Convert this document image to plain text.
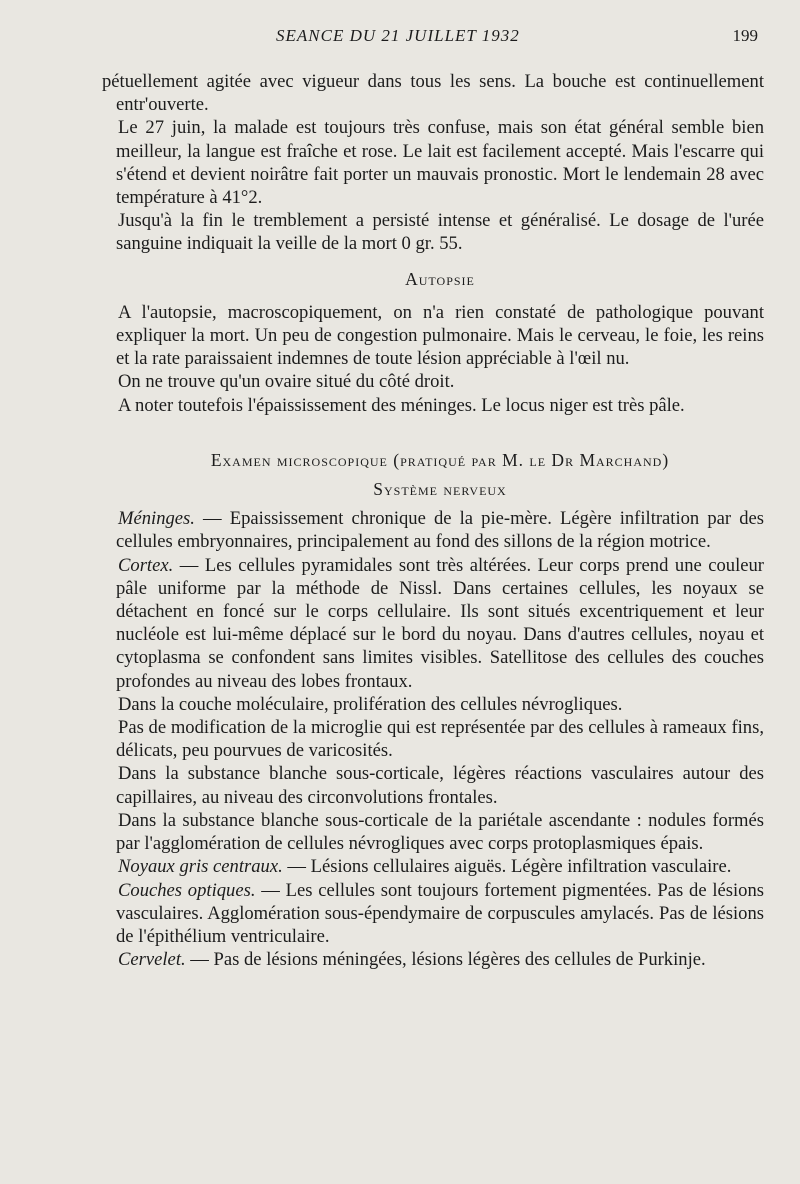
SEANCE DU 21 JUILLET 1932	199

pétuellement agitée avec vigueur dans tous les sens. La bouche est continuellement entr'ouverte.

Le 27 juin, la malade est toujours très confuse, mais son état général semble bien meilleur, la langue est fraîche et rose. Le lait est facilement accepté. Mais l'escarre qui s'étend et devient noirâtre fait porter un mauvais pronostic. Mort le lendemain 28 avec température à 41°2.

Jusqu'à la fin le tremblement a persisté intense et généralisé. Le dosage de l'urée sanguine indiquait la veille de la mort 0 gr. 55.

Autopsie

A l'autopsie, macroscopiquement, on n'a rien constaté de pathologique pouvant expliquer la mort. Un peu de congestion pulmonaire. Mais le cerveau, le foie, les reins et la rate paraissaient indemnes de toute lésion appréciable à l'œil nu.

On ne trouve qu'un ovaire situé du côté droit.

A noter toutefois l'épaississement des méninges. Le locus niger est très pâle.

Examen microscopique (pratiqué par M. le Dr Marchand)
Système nerveux

Méninges. — Epaississement chronique de la pie-mère. Légère infiltration par des cellules embryonnaires, principalement au fond des sillons de la région motrice.

Cortex. — Les cellules pyramidales sont très altérées. Leur corps prend une couleur pâle uniforme par la méthode de Nissl. Dans certaines cellules, les noyaux se détachent en foncé sur le corps cellulaire. Ils sont situés excentriquement et leur nucléole est lui-même déplacé sur le bord du noyau. Dans d'autres cellules, noyau et cytoplasma se confondent sans limites visibles. Satellitose des cellules des couches profondes au niveau des lobes frontaux.

Dans la couche moléculaire, prolifération des cellules névrogliques.

Pas de modification de la microglie qui est représentée par des cellules à rameaux fins, délicats, peu pourvues de varicosités.

Dans la substance blanche sous-corticale, légères réactions vasculaires autour des capillaires, au niveau des circonvolutions frontales.

Dans la substance blanche sous-corticale de la pariétale ascendante : nodules formés par l'agglomération de cellules névrogliques avec corps protoplasmiques épais.

Noyaux gris centraux. — Lésions cellulaires aiguës. Légère infiltration vasculaire.

Couches optiques. — Les cellules sont toujours fortement pigmentées. Pas de lésions vasculaires. Agglomération sous-épendymaire de corpuscules amylacés. Pas de lésions de l'épithélium ventriculaire.

Cervelet. — Pas de lésions méningées, lésions légères des cellules de Purkinje.
